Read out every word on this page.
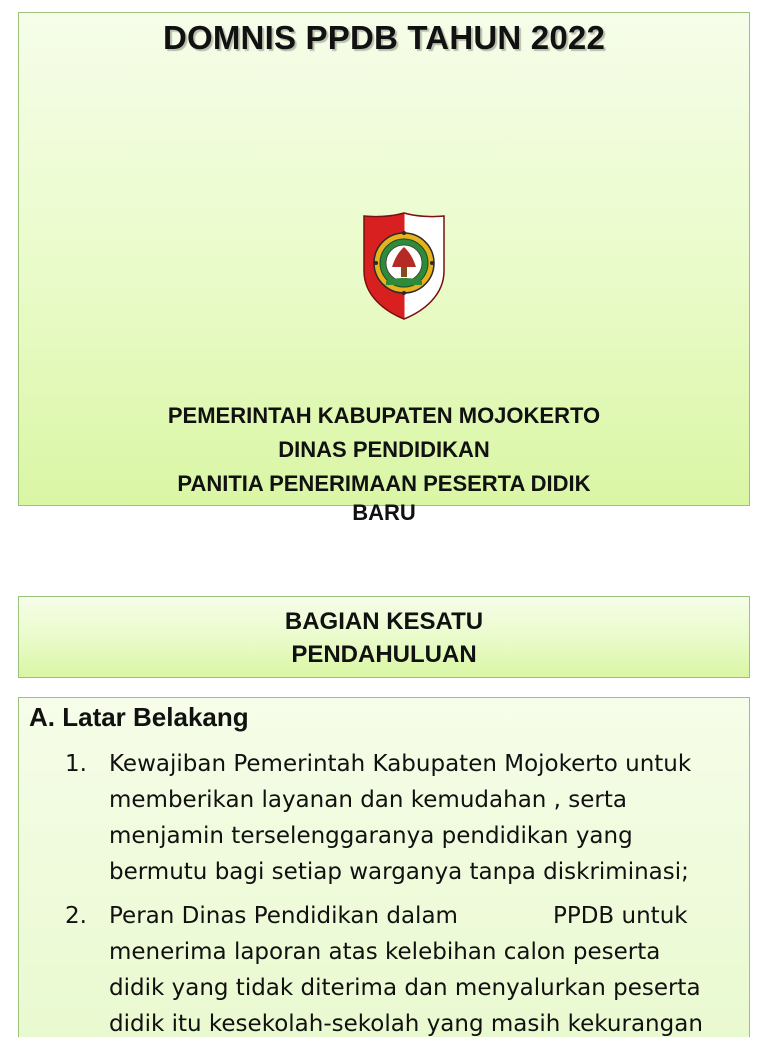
DOMNIS PPDB TAHUN 2022
PEMERINTAH KABUPATEN MOJOKERTO
DINAS PENDIDIKAN
PANITIA PENERIMAAN PESERTA DIDIK
BARU
BAGIAN KESATU
PENDAHULUAN
A. Latar Belakang
1. Kewajiban Pemerintah Kabupaten Mojokerto untuk
memberikan layanan dan kemudahan , serta
menjamin terselenggaranya pendidikan yang
bermutu bagi setiap warganya tanpa diskriminasi;
2. Peran Dinas Pendidikan dalam             PPDB untuk
menerima laporan atas kelebihan calon peserta
didik yang tidak diterima dan menyalurkan peserta
didik itu kesekolah-sekolah yang masih kekurangan
